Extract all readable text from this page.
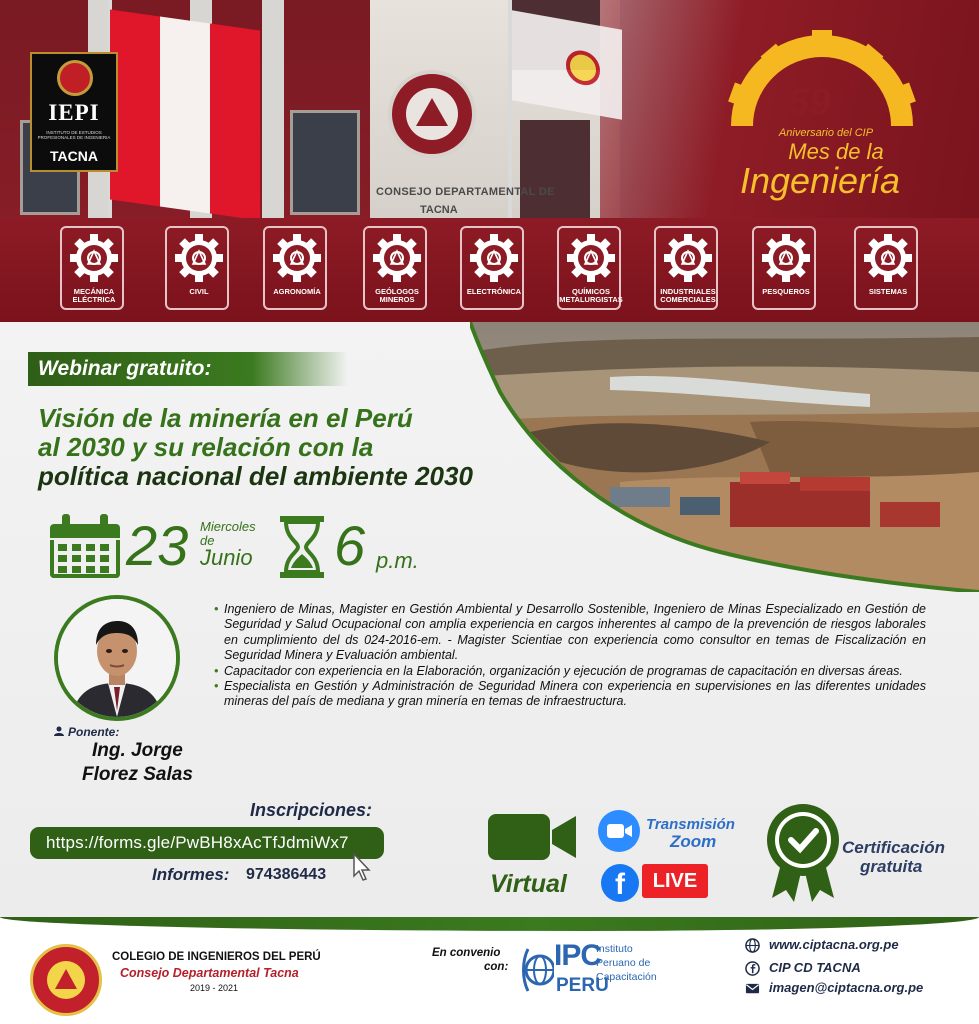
CONSEJO DEPARTAMENTAL DE
TACNA
IEPI
INSTITUTO DE ESTUDIOS PROFESIONALES DE INGENIERIA
TACNA
59 °
Aniversario del CIP
Mes de la
Ingeniería
MECÁNICA ELÉCTRICA
CIVIL	AGRONOMÍA	GEÓLOGOS MINEROS
ELECTRÓNICA	QUÍMICOS METALURGISTAS
INDUSTRIALES COMERCIALES
PESQUEROS	SISTEMAS
Webinar gratuito:
Visión de la minería en el Perú
al 2030 y su relación con la
política nacional del ambiente 2030
23 Miercoles
de
Junio 6 p.m.
Ponente:
Ing. Jorge
Florez Salas
• Ingeniero de Minas, Magister en Gestión Ambiental y Desarrollo Sostenible, Ingeniero de Minas Especializado en Gestión de Seguridad y Salud Ocupacional con amplia experiencia en cargos inherentes al campo de la prevención de riesgos laborales en cumplimiento del ds 024-2016-em. - Magister Scientiae con experiencia como consultor en temas de Fiscalización en Seguridad Minera y Evaluación ambiental.
• Capacitador con experiencia en la Elaboración, organización y ejecución de programas de capacitación en diversas áreas.
• Especialista en Gestión y Administración de Seguridad Minera con experiencia en supervisiones en las diferentes unidades mineras del país de mediana y gran minería en temas de infraestructura.
Inscripciones:
https://forms.gle/PwBH8xAcTfJdmiWx7
Informes: 974386443	Virtual
Transmisión
Zoom
f	LIVE
Certificación
gratuita
COLEGIO DE INGENIEROS DEL PERÚ
Consejo Departamental Tacna
2019 - 2021
En convenio
con: IPC
PERU
Instituto
Peruano de
Capacitación
www.ciptacna.org.pe
CIP CD TACNA
imagen@ciptacna.org.pe
